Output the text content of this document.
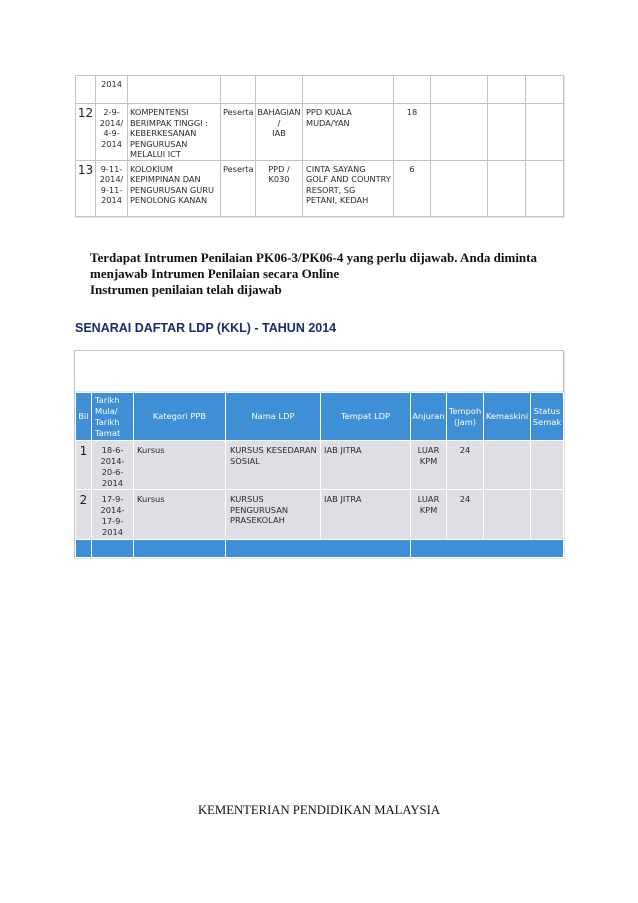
	2014								
12	2-9-
2014/
4-9-
2014	KOMPENTENSI
BERIMPAK TINGGI :
KEBERKESANAN
PENGURUSAN
MELALUI ICT	Peserta	BAHAGIAN
/
IAB	PPD KUALA
MUDA/YAN	18			
13	9-11-
2014/
9-11-
2014	KOLOKIUM
KEPIMPINAN DAN
PENGURUSAN GURU
PENOLONG KANAN	Peserta	PPD /
K030	CINTA SAYANG
GOLF AND COUNTRY
RESORT, SG
PETANI, KEDAH	6			
Terdapat Intrumen Penilaian PK06-3/PK06-4 yang perlu dijawab. Anda diminta
menjawab Intrumen Penilaian secara Online
Instrumen penilaian telah dijawab
SENARAI DAFTAR LDP (KKL) - TAHUN 2014
Bil	Tarikh Mula/ Tarikh Tamat	Kategori PPB	Nama LDP	Tempat LDP	Anjuran	Tempoh (Jam)	Kemaskini	Status Semak
1	18-6-
2014-
20-6-
2014	Kursus	KURSUS KESEDARAN
SOSIAL	IAB JITRA	LUAR
KPM	24		
2	17-9-
2014-
17-9-
2014	Kursus	KURSUS
PENGURUSAN
PRASEKOLAH	IAB JITRA	LUAR
KPM	24		

KEMENTERIAN PENDIDIKAN MALAYSIA
